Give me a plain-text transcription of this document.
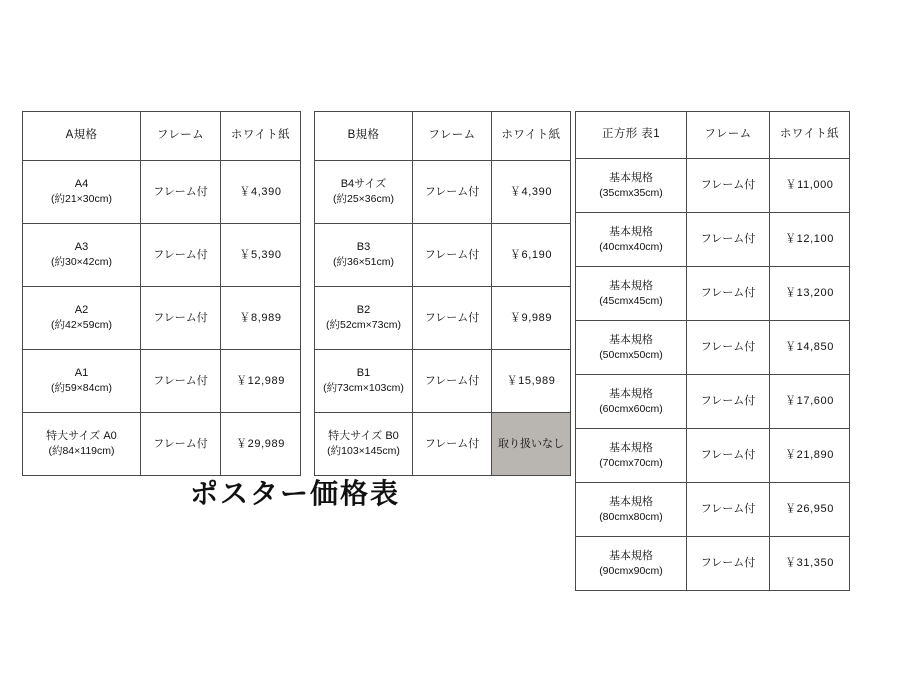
A規格	フレーム	ホワイト紙
A4
(約21×30cm)	フレーム付	￥4,390
A3
(約30×42cm)	フレーム付	￥5,390
A2
(約42×59cm)	フレーム付	￥8,989
A1
(約59×84cm)	フレーム付	￥12,989
特大サイズ A0
(約84×119cm)	フレーム付	￥29,989
B規格	フレーム	ホワイト紙
B4サイズ
(約25×36cm)	フレーム付	￥4,390
B3
(約36×51cm)	フレーム付	￥6,190
B2
(約52cm×73cm)	フレーム付	￥9,989
B1
(約73cm×103cm)	フレーム付	￥15,989
特大サイズ B0
(約103×145cm)	フレーム付	取り扱いなし
正方形 表1	フレーム	ホワイト紙
基本規格
(35cmx35cm)	フレーム付	￥11,000
基本規格
(40cmx40cm)	フレーム付	￥12,100
基本規格
(45cmx45cm)	フレーム付	￥13,200
基本規格
(50cmx50cm)	フレーム付	￥14,850
基本規格
(60cmx60cm)	フレーム付	￥17,600
基本規格
(70cmx70cm)	フレーム付	￥21,890
基本規格
(80cmx80cm)	フレーム付	￥26,950
基本規格
(90cmx90cm)	フレーム付	￥31,350
ポスター価格表
